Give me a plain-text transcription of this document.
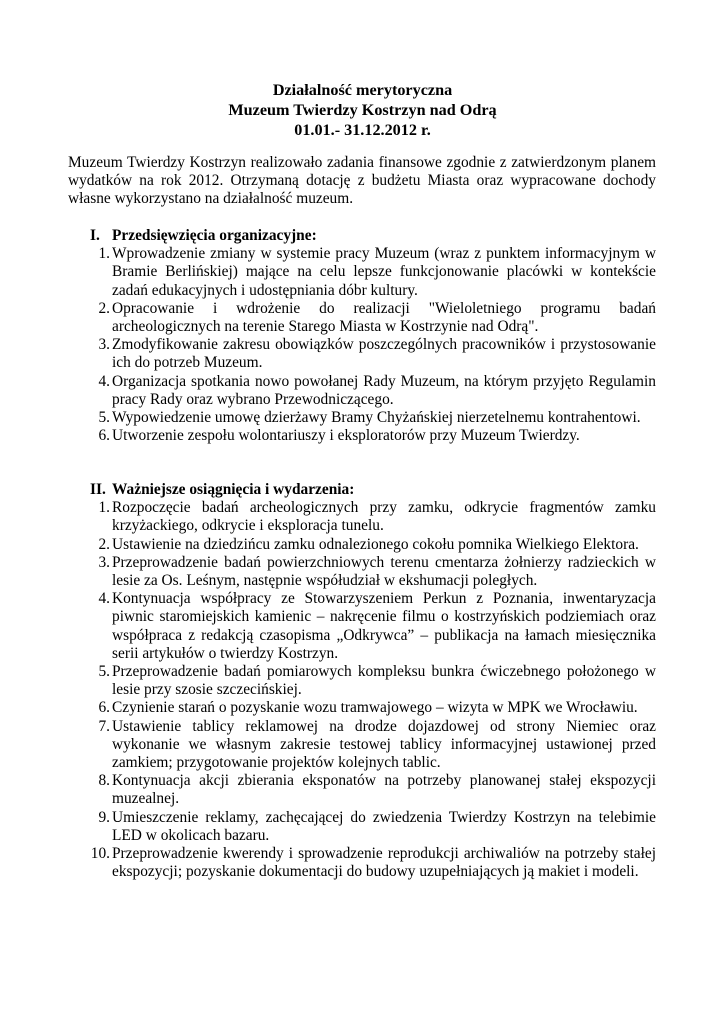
Działalność merytoryczna
Muzeum Twierdzy Kostrzyn nad Odrą
01.01.- 31.12.2012 r.
Muzeum Twierdzy Kostrzyn realizowało zadania finansowe zgodnie z zatwierdzonym planem wydatków na rok 2012. Otrzymaną dotację z budżetu Miasta oraz wypracowane dochody własne wykorzystano na działalność muzeum.
I. Przedsięwzięcia organizacyjne:
1. Wprowadzenie zmiany w systemie pracy Muzeum (wraz z punktem informacyjnym w Bramie Berlińskiej) mające na celu lepsze funkcjonowanie placówki w kontekście zadań edukacyjnych i udostępniania dóbr kultury.
2. Opracowanie i wdrożenie do realizacji "Wieloletniego programu badań archeologicznych na terenie Starego Miasta w Kostrzynie nad Odrą".
3. Zmodyfikowanie zakresu obowiązków poszczególnych pracowników i przystosowanie ich do potrzeb Muzeum.
4. Organizacja spotkania nowo powołanej Rady Muzeum, na którym przyjęto Regulamin pracy Rady oraz wybrano Przewodniczącego.
5. Wypowiedzenie umowę dzierżawy Bramy Chyżańskiej nierzetelnemu kontrahentowi.
6. Utworzenie zespołu wolontariuszy i eksploratorów przy Muzeum Twierdzy.
II. Ważniejsze osiągnięcia i wydarzenia:
1. Rozpoczęcie badań archeologicznych przy zamku, odkrycie fragmentów zamku krzyżackiego, odkrycie i eksploracja tunelu.
2. Ustawienie na dziedzińcu zamku odnalezionego cokołu pomnika Wielkiego Elektora.
3. Przeprowadzenie badań powierzchniowych terenu cmentarza żołnierzy radzieckich w lesie za Os. Leśnym, następnie współudział w ekshumacji poległych.
4. Kontynuacja współpracy ze Stowarzyszeniem Perkun z Poznania, inwentaryzacja piwnic staromiejskich kamienic – nakręcenie filmu o kostrzyńskich podziemiach oraz współpraca z redakcją czasopisma „Odkrywca” – publikacja na łamach miesięcznika serii artykułów o twierdzy Kostrzyn.
5. Przeprowadzenie badań pomiarowych kompleksu bunkra ćwiczebnego położonego w lesie przy szosie szczecińskiej.
6. Czynienie starań o pozyskanie wozu tramwajowego – wizyta w MPK we Wrocławiu.
7. Ustawienie tablicy reklamowej na drodze dojazdowej od strony Niemiec oraz wykonanie we własnym zakresie testowej tablicy informacyjnej ustawionej przed zamkiem; przygotowanie projektów kolejnych tablic.
8. Kontynuacja akcji zbierania eksponatów na potrzeby planowanej stałej ekspozycji muzealnej.
9. Umieszczenie reklamy, zachęcającej do zwiedzenia Twierdzy Kostrzyn na telebimie LED w okolicach bazaru.
10. Przeprowadzenie kwerendy i sprowadzenie reprodukcji archiwaliów na potrzeby stałej ekspozycji; pozyskanie dokumentacji do budowy uzupełniających ją makiet i modeli.
